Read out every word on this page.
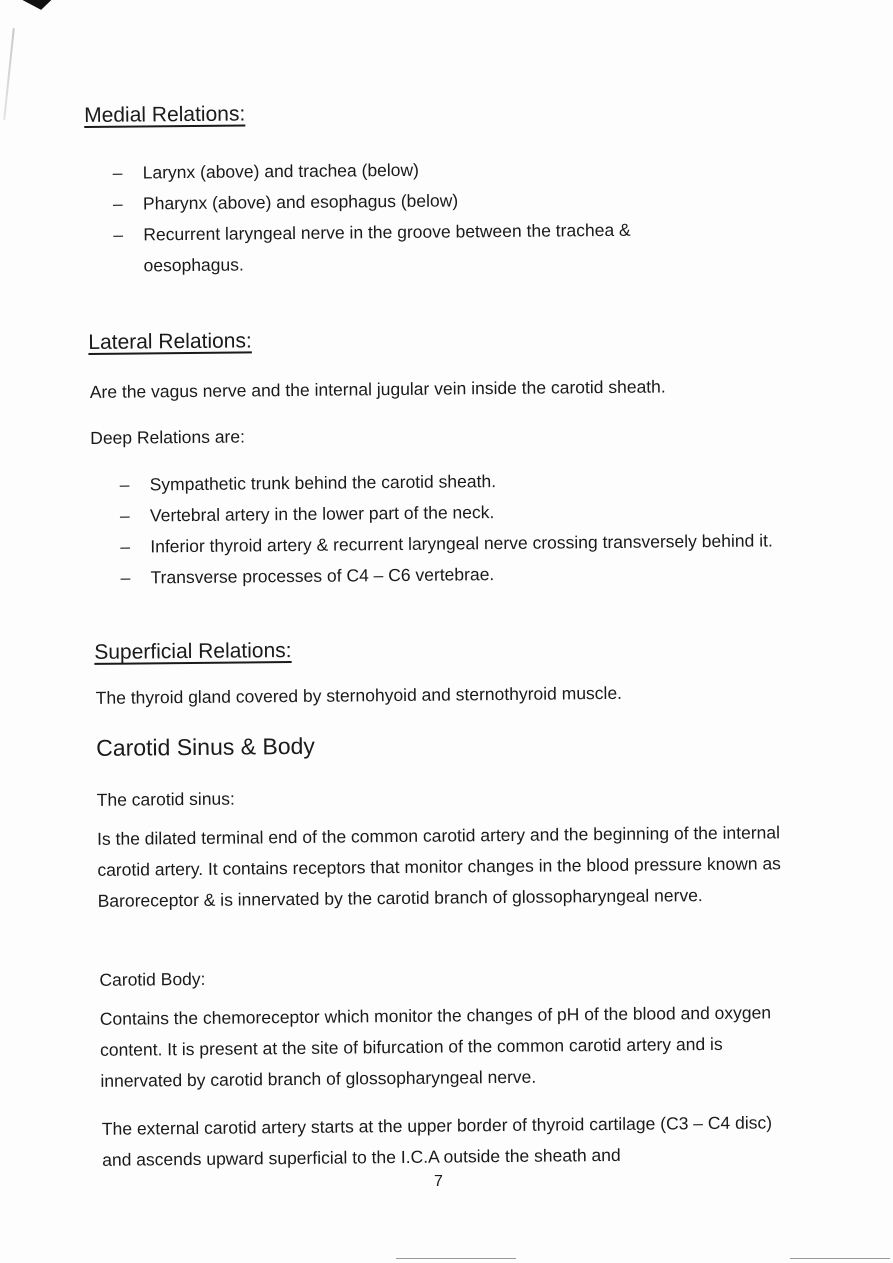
Medial Relations:
– Larynx (above) and trachea (below)
– Pharynx (above) and esophagus (below)
– Recurrent laryngeal nerve in the groove between the trachea & oesophagus.
Lateral Relations:

Are the vagus nerve and the internal jugular vein inside the carotid sheath.

Deep Relations are:

– Sympathetic trunk behind the carotid sheath.
– Vertebral artery in the lower part of the neck.
– Inferior thyroid artery & recurrent laryngeal nerve crossing transversely behind it.
– Transverse processes of C4 – C6 vertebrae.
Superficial Relations:

The thyroid gland covered by sternohyoid and sternothyroid muscle.

Carotid Sinus & Body

The carotid sinus:

Is the dilated terminal end of the common carotid artery and the beginning of the internal carotid artery. It contains receptors that monitor changes in the blood pressure known as Baroreceptor & is innervated by the carotid branch of glossopharyngeal nerve.

Carotid Body:

Contains the chemoreceptor which monitor the changes of pH of the blood and oxygen content. It is present at the site of bifurcation of the common carotid artery and is innervated by carotid branch of glossopharyngeal nerve.

The external carotid artery starts at the upper border of thyroid cartilage (C3 – C4 disc) and ascends upward superficial to the I.C.A outside the sheath and

7
